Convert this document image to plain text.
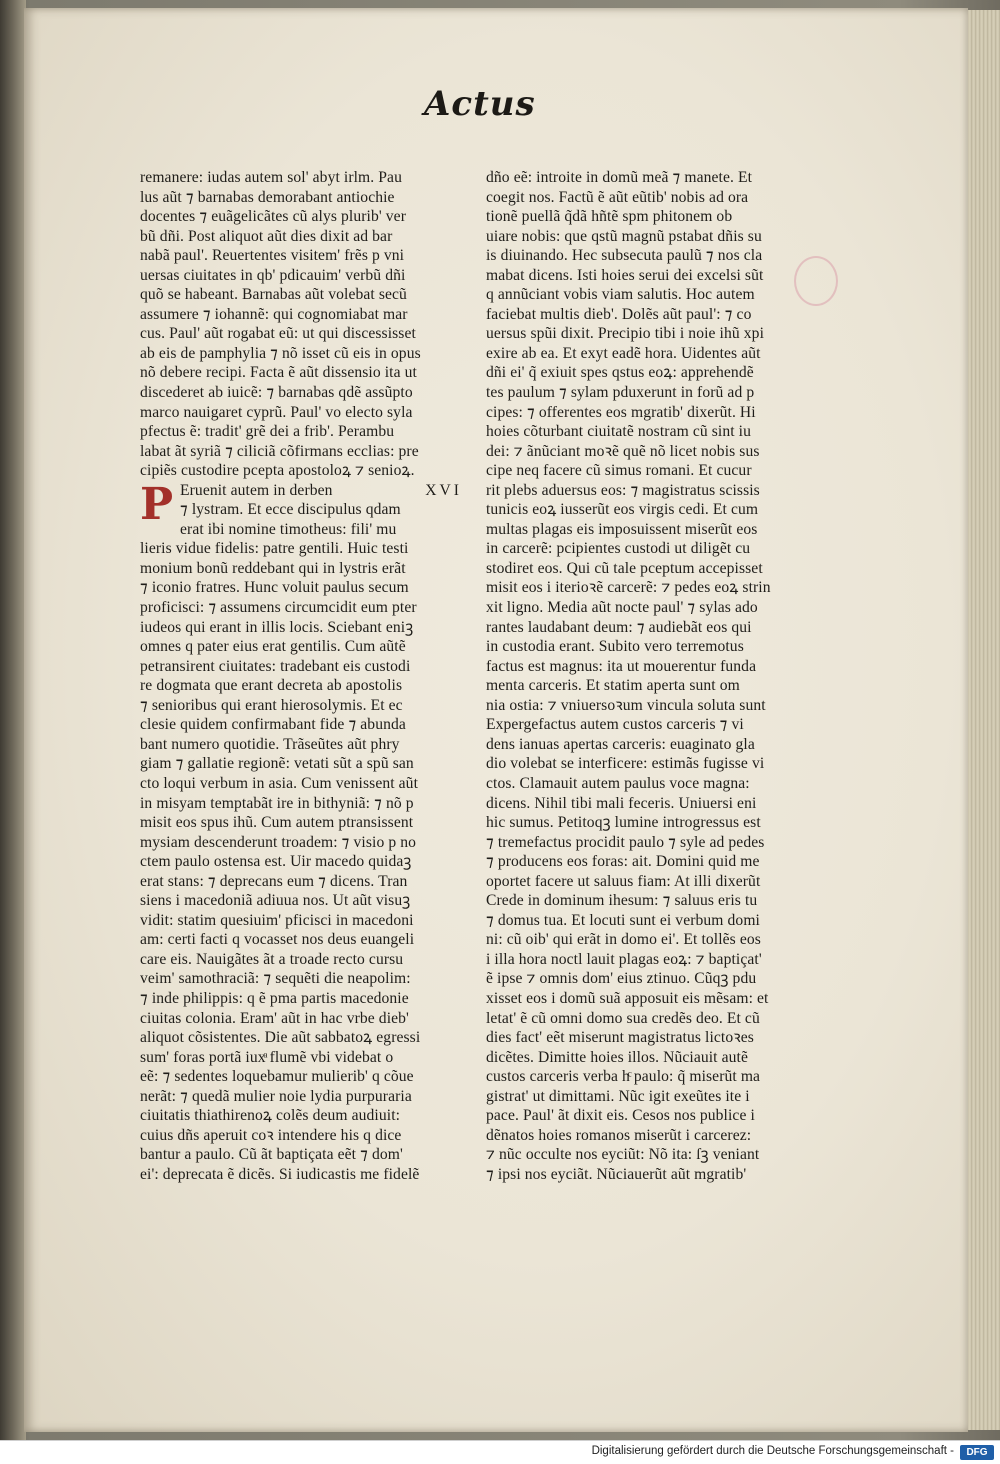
Actus
remanere: iudas autem sol' abyt irlm. Pau
lus aũt ⁊ barnabas demorabant antiochie
docentes ⁊ euãgelicãtes cũ alys plurib' ver
bũ dñi. Post aliquot aũt dies dixit ad bar
nabã paul'. Reuertentes visitem' frẽs p vni
uersas ciuitates in qb' pdicauim' verbũ dñi
quõ se habeant. Barnabas aũt volebat secũ
assumere ⁊ iohannẽ: qui cognomiabat mar
cus. Paul' aũt rogabat eũ: ut qui discessisset
ab eis de pamphylia ⁊ nõ isset cũ eis in opus
nõ debere recipi. Facta ẽ aũt dissensio ita ut
discederet ab iuicẽ: ⁊ barnabas qdẽ assũpto
marco nauigaret cyprũ. Paul' vo electo syla
pfectus ẽ: tradit' grẽ dei a frib'. Perambu
labat ãt syriã ⁊ ciliciã cõfirmans ecclias: pre
cipiẽs custodire pcepta apostoloꝝ ⁊ senioꝝ.
P	XVI
Eruenit autem in derben
⁊ lystram. Et ecce discipulus qdam
erat ibi nomine timotheus: fili' mu
lieris vidue fidelis: patre gentili. Huic testi
monium bonũ reddebant qui in lystris erãt
⁊ iconio fratres. Hunc voluit paulus secum
proficisci: ⁊ assumens circumcidit eum pter
iudeos qui erant in illis locis. Sciebant eniꝫ
omnes q pater eius erat gentilis. Cum aũtẽ
petransirent ciuitates: tradebant eis custodi
re dogmata que erant decreta ab apostolis
⁊ senioribus qui erant hierosolymis. Et ec
clesie quidem confirmabant fide ⁊ abunda
bant numero quotidie. Trãseũtes aũt phry
giam ⁊ gallatie regionẽ: vetati sũt a spũ san
cto loqui verbum in asia. Cum venissent aũt
in misyam temptabãt ire in bithyniã: ⁊ nõ p
misit eos spus ihũ. Cum autem ptransissent
mysiam descenderunt troadem: ⁊ visio p no
ctem paulo ostensa est. Uir macedo quidaꝫ
erat stans: ⁊ deprecans eum ⁊ dicens. Tran
siens i macedoniã adiuua nos. Ut aũt visuꝫ
vidit: statim quesiuim' pficisci in macedoni
am: certi facti q vocasset nos deus euangeli
care eis. Nauigãtes ãt a troade recto cursu
veim' samothraciã: ⁊ sequẽti die neapolim:
⁊ inde philippis: q ẽ pma partis macedonie
ciuitas colonia. Eram' aũt in hac vrbe dieb'
aliquot cõsistentes. Die aũt sabbatoꝝ egressi
sum' foras portã iuxͣ flumẽ vbi videbat o
eẽ: ⁊ sedentes loquebamur mulierib' q cõue
nerãt: ⁊ quedã mulier noie lydia purpuraria
ciuitatis thiathirenoꝝ colẽs deum audiuit:
cuius dñs aperuit coꝛ intendere his q dice
bantur a paulo. Cũ ãt baptiçata eẽt ⁊ dom'
ei': deprecata ẽ dicẽs. Si iudicastis me fidelẽ
dño eẽ: introite in domũ meã ⁊ manete. Et
coegit nos. Factũ ẽ aũt eũtib' nobis ad ora
tionẽ puellã q̃dã hñtẽ spm phitonem ob
uiare nobis: que qstũ magnũ pstabat dñis su
is diuinando. Hec subsecuta paulũ ⁊ nos cla
mabat dicens. Isti hoies serui dei excelsi sũt
q annũciant vobis viam salutis. Hoc autem
faciebat multis dieb'. Dolẽs aũt paul': ⁊ co
uersus spũi dixit. Precipio tibi i noie ihũ xpi
exire ab ea. Et exyt eadẽ hora. Uidentes aũt
dñi ei' q̃ exiuit spes qstus eoꝝ: apprehendẽ
tes paulum ⁊ sylam pduxerunt in forũ ad p
cipes: ⁊ offerentes eos mgratib' dixerũt. Hi
hoies cõturbant ciuitatẽ nostram cũ sint iu
dei: ⁊ ãnũciant moꝛẽ quẽ nõ licet nobis sus
cipe neq facere cũ simus romani. Et cucur
rit plebs aduersus eos: ⁊ magistratus scissis
tunicis eoꝝ iusserũt eos virgis cedi. Et cum
multas plagas eis imposuissent miserũt eos
in carcerẽ: pcipientes custodi ut diligẽt cu
stodiret eos. Qui cũ tale pceptum accepisset
misit eos i iterioꝛẽ carcerẽ: ⁊ pedes eoꝝ strin
xit ligno. Media aũt nocte paul' ⁊ sylas ado
rantes laudabant deum: ⁊ audiebãt eos qui
in custodia erant. Subito vero terremotus
factus est magnus: ita ut mouerentur funda
menta carceris. Et statim aperta sunt om
nia ostia: ⁊ vniuersoꝛum vincula soluta sunt
Expergefactus autem custos carceris ⁊ vi
dens ianuas apertas carceris: euaginato gla
dio volebat se interficere: estimãs fugisse vi
ctos. Clamauit autem paulus voce magna:
dicens. Nihil tibi mali feceris. Uniuersi eni
hic sumus. Petitoqꝫ lumine introgressus est
⁊ tremefactus procidit paulo ⁊ syle ad pedes
⁊ producens eos foras: ait. Domini quid me
oportet facere ut saluus fiam: At illi dixerũt
Crede in dominum ihesum: ⁊ saluus eris tu
⁊ domus tua. Et locuti sunt ei verbum domi
ni: cũ oib' qui erãt in domo ei'. Et tollẽs eos
i illa hora noctl lauit plagas eoꝝ: ⁊ baptiçat'
ẽ ipse ⁊ omnis dom' eius ztinuo. Cũqꝫ pdu
xisset eos i domũ suã apposuit eis mẽsam: et
letat' ẽ cũ omni domo sua credẽs deo. Et cũ
dies fact' eẽt miserunt magistratus lictoꝛes
dicẽtes. Dimitte hoies illos. Nũciauit autẽ
custos carceris verba hͨ paulo: q̃ miserũt ma
gistrat' ut dimittami. Nũc igit exeũtes ite i
pace. Paul' ãt dixit eis. Cesos nos publice i
dẽnatos hoies romanos miserũt i carcerez:
⁊ nũc occulte nos eyciũt: Nõ ita: ſꝫ veniant
⁊ ipsi nos eyciãt. Nũciauerũt aũt mgratib'
Digitalisierung gefördert durch die Deutsche Forschungsgemeinschaft -	DFG
